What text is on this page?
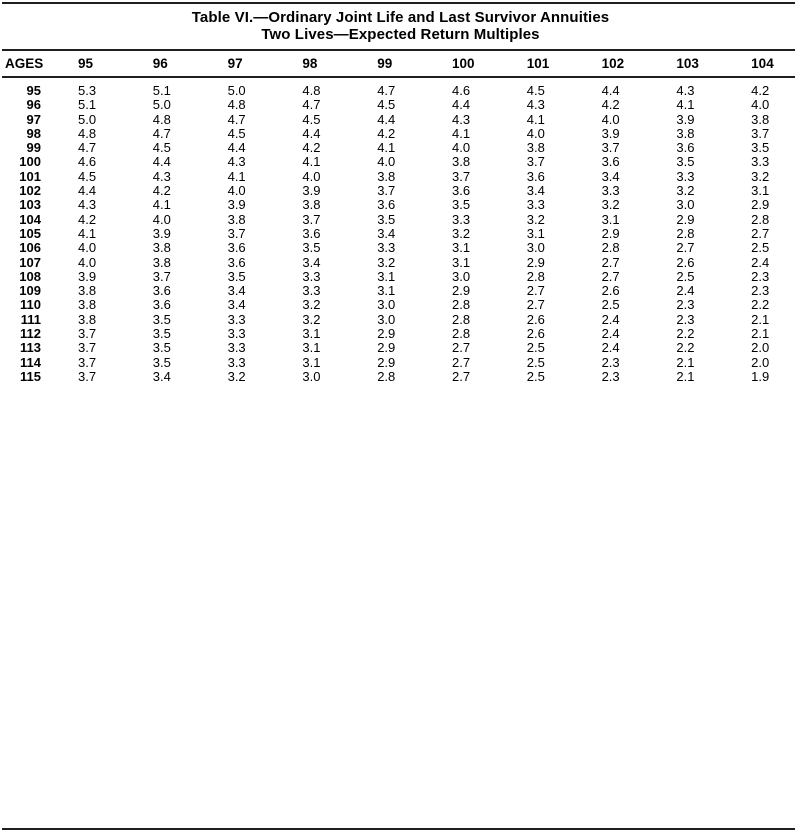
Table VI.—Ordinary Joint Life and Last Survivor Annuities
Two Lives—Expected Return Multiples
AGES	95	96	97	98	99	100	101	102	103	104
95	5.3	5.1	5.0	4.8	4.7	4.6	4.5	4.4	4.3	4.2
96	5.1	5.0	4.8	4.7	4.5	4.4	4.3	4.2	4.1	4.0
97	5.0	4.8	4.7	4.5	4.4	4.3	4.1	4.0	3.9	3.8
98	4.8	4.7	4.5	4.4	4.2	4.1	4.0	3.9	3.8	3.7
99	4.7	4.5	4.4	4.2	4.1	4.0	3.8	3.7	3.6	3.5
100	4.6	4.4	4.3	4.1	4.0	3.8	3.7	3.6	3.5	3.3
101	4.5	4.3	4.1	4.0	3.8	3.7	3.6	3.4	3.3	3.2
102	4.4	4.2	4.0	3.9	3.7	3.6	3.4	3.3	3.2	3.1
103	4.3	4.1	3.9	3.8	3.6	3.5	3.3	3.2	3.0	2.9
104	4.2	4.0	3.8	3.7	3.5	3.3	3.2	3.1	2.9	2.8
105	4.1	3.9	3.7	3.6	3.4	3.2	3.1	2.9	2.8	2.7
106	4.0	3.8	3.6	3.5	3.3	3.1	3.0	2.8	2.7	2.5
107	4.0	3.8	3.6	3.4	3.2	3.1	2.9	2.7	2.6	2.4
108	3.9	3.7	3.5	3.3	3.1	3.0	2.8	2.7	2.5	2.3
109	3.8	3.6	3.4	3.3	3.1	2.9	2.7	2.6	2.4	2.3
110	3.8	3.6	3.4	3.2	3.0	2.8	2.7	2.5	2.3	2.2
111	3.8	3.5	3.3	3.2	3.0	2.8	2.6	2.4	2.3	2.1
112	3.7	3.5	3.3	3.1	2.9	2.8	2.6	2.4	2.2	2.1
113	3.7	3.5	3.3	3.1	2.9	2.7	2.5	2.4	2.2	2.0
114	3.7	3.5	3.3	3.1	2.9	2.7	2.5	2.3	2.1	2.0
115	3.7	3.4	3.2	3.0	2.8	2.7	2.5	2.3	2.1	1.9
